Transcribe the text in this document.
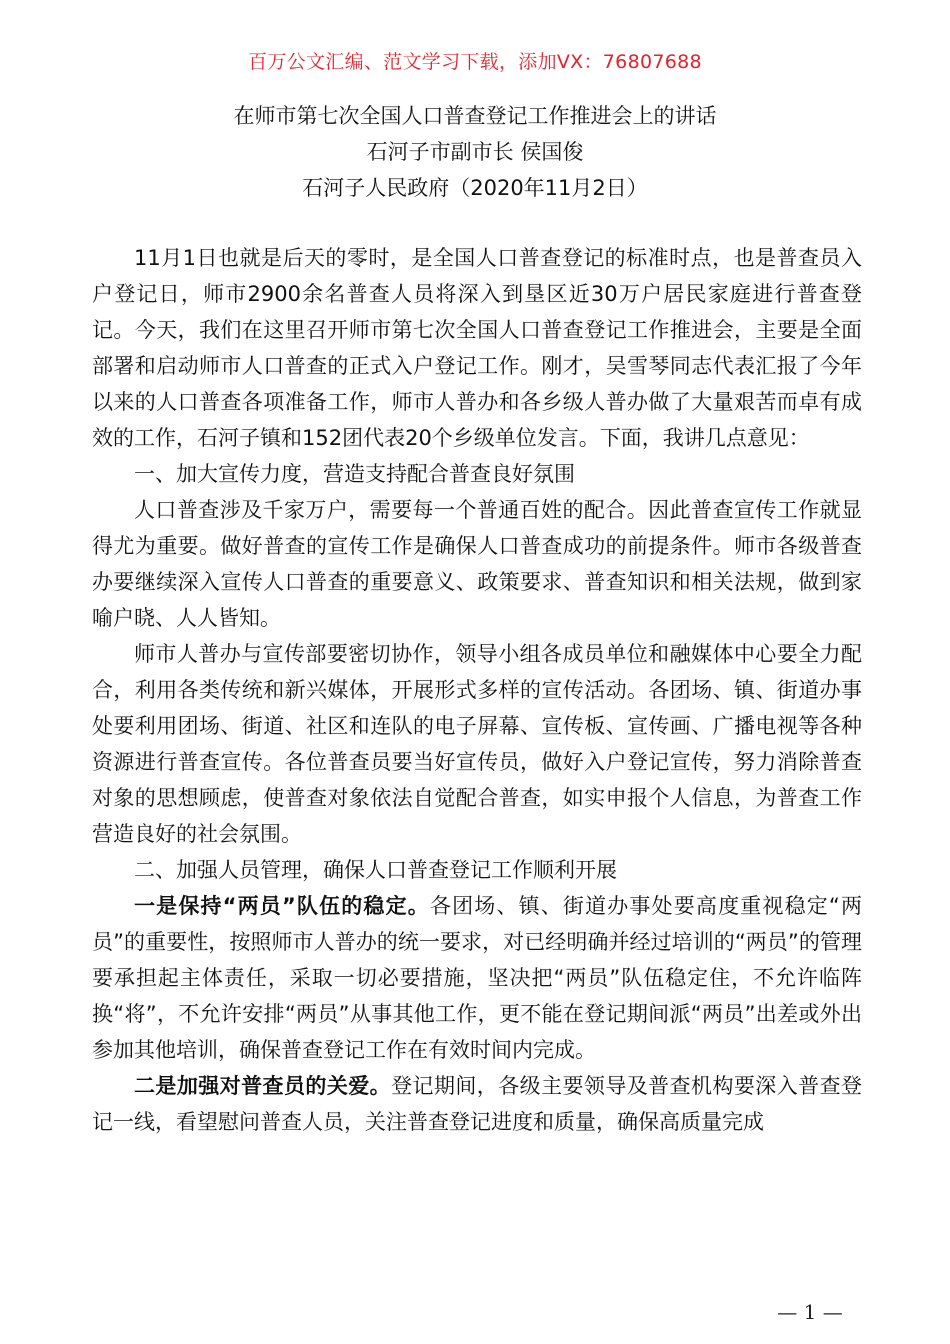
百万公文汇编、范文学习下载，添加VX：76807688
在师市第七次全国人口普查登记工作推进会上的讲话
石河子市副市长 侯国俊
石河子人民政府（2020年11月2日）

11月1日也就是后天的零时，是全国人口普查登记的标准时点，也是普查员入户登记日，师市2900余名普查人员将深入到垦区近30万户居民家庭进行普查登记。今天，我们在这里召开师市第七次全国人口普查登记工作推进会，主要是全面部署和启动师市人口普查的正式入户登记工作。刚才，吴雪琴同志代表汇报了今年以来的人口普查各项准备工作，师市人普办和各乡级人普办做了大量艰苦而卓有成效的工作，石河子镇和152团代表20个乡级单位发言。下面，我讲几点意见：

一、加大宣传力度，营造支持配合普查良好氛围

人口普查涉及千家万户，需要每一个普通百姓的配合。因此普查宣传工作就显得尤为重要。做好普查的宣传工作是确保人口普查成功的前提条件。师市各级普查办要继续深入宣传人口普查的重要意义、政策要求、普查知识和相关法规，做到家喻户晓、人人皆知。

师市人普办与宣传部要密切协作，领导小组各成员单位和融媒体中心要全力配合，利用各类传统和新兴媒体，开展形式多样的宣传活动。各团场、镇、街道办事处要利用团场、街道、社区和连队的电子屏幕、宣传板、宣传画、广播电视等各种资源进行普查宣传。各位普查员要当好宣传员，做好入户登记宣传，努力消除普查对象的思想顾虑，使普查对象依法自觉配合普查，如实申报个人信息，为普查工作营造良好的社会氛围。

二、加强人员管理，确保人口普查登记工作顺利开展

一是保持“两员”队伍的稳定。各团场、镇、街道办事处要高度重视稳定“两员”的重要性，按照师市人普办的统一要求，对已经明确并经过培训的“两员”的管理要承担起主体责任，采取一切必要措施，坚决把“两员”队伍稳定住，不允许临阵换“将”，不允许安排“两员”从事其他工作，更不能在登记期间派“两员”出差或外出参加其他培训，确保普查登记工作在有效时间内完成。

二是加强对普查员的关爱。登记期间，各级主要领导及普查机构要深入普查登记一线，看望慰问普查人员，关注普查登记进度和质量，确保高质量完成

— 1 —
